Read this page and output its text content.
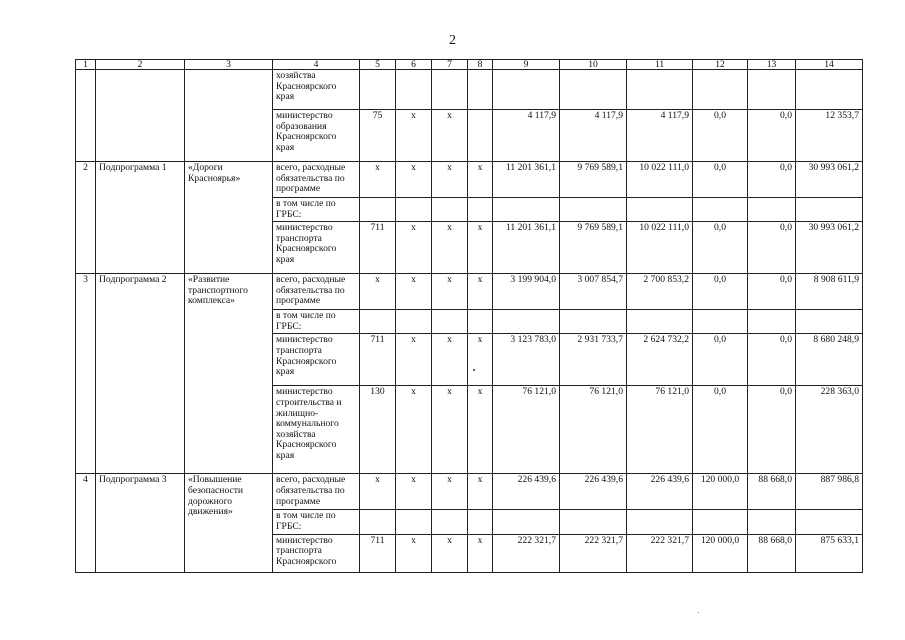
2
1	2	3	4	5	6	7	8	9	10	11	12	13	14
			хозяйства Красноярского края										
			министерство образования Красноярского края	75	х	х		4 117,9	4 117,9	4 117,9	0,0	0,0	12 353,7
2	Подпрограмма 1	«Дороги Красноярья»	всего, расходные обязательства по программе	х	х	х	х	11 201 361,1	9 769 589,1	10 022 111,0	0,0	0,0	30 993 061,2
			в том числе по ГРБС:										
			министерство транспорта Красноярского края	711	х	х	х	11 201 361,1	9 769 589,1	10 022 111,0	0,0	0,0	30 993 061,2
3	Подпрограмма 2	«Развитие транспортного комплекса»	всего, расходные обязательства по программе	х	х	х	х	3 199 904,0	3 007 854,7	2 700 853,2	0,0	0,0	8 908 611,9
			в том числе по ГРБС:										
			министерство транспорта Красноярского края	711	х	х	х	3 123 783,0	2 931 733,7	2 624 732,2	0,0	0,0	8 680 248,9
			министерство строительства и жилищно-коммунального хозяйства Красноярского края	130	х	х	х	76 121,0	76 121,0	76 121,0	0,0	0,0	228 363,0
4	Подпрограмма 3	«Повышение безопасности дорожного движения»	всего, расходные обязательства по программе	х	х	х	х	226 439,6	226 439,6	226 439,6	120 000,0	88 668,0	887 986,8
			в том числе по ГРБС:										
			министерство транспорта Красноярского	711	х	х	х	222 321,7	222 321,7	222 321,7	120 000,0	88 668,0	875 633,1
